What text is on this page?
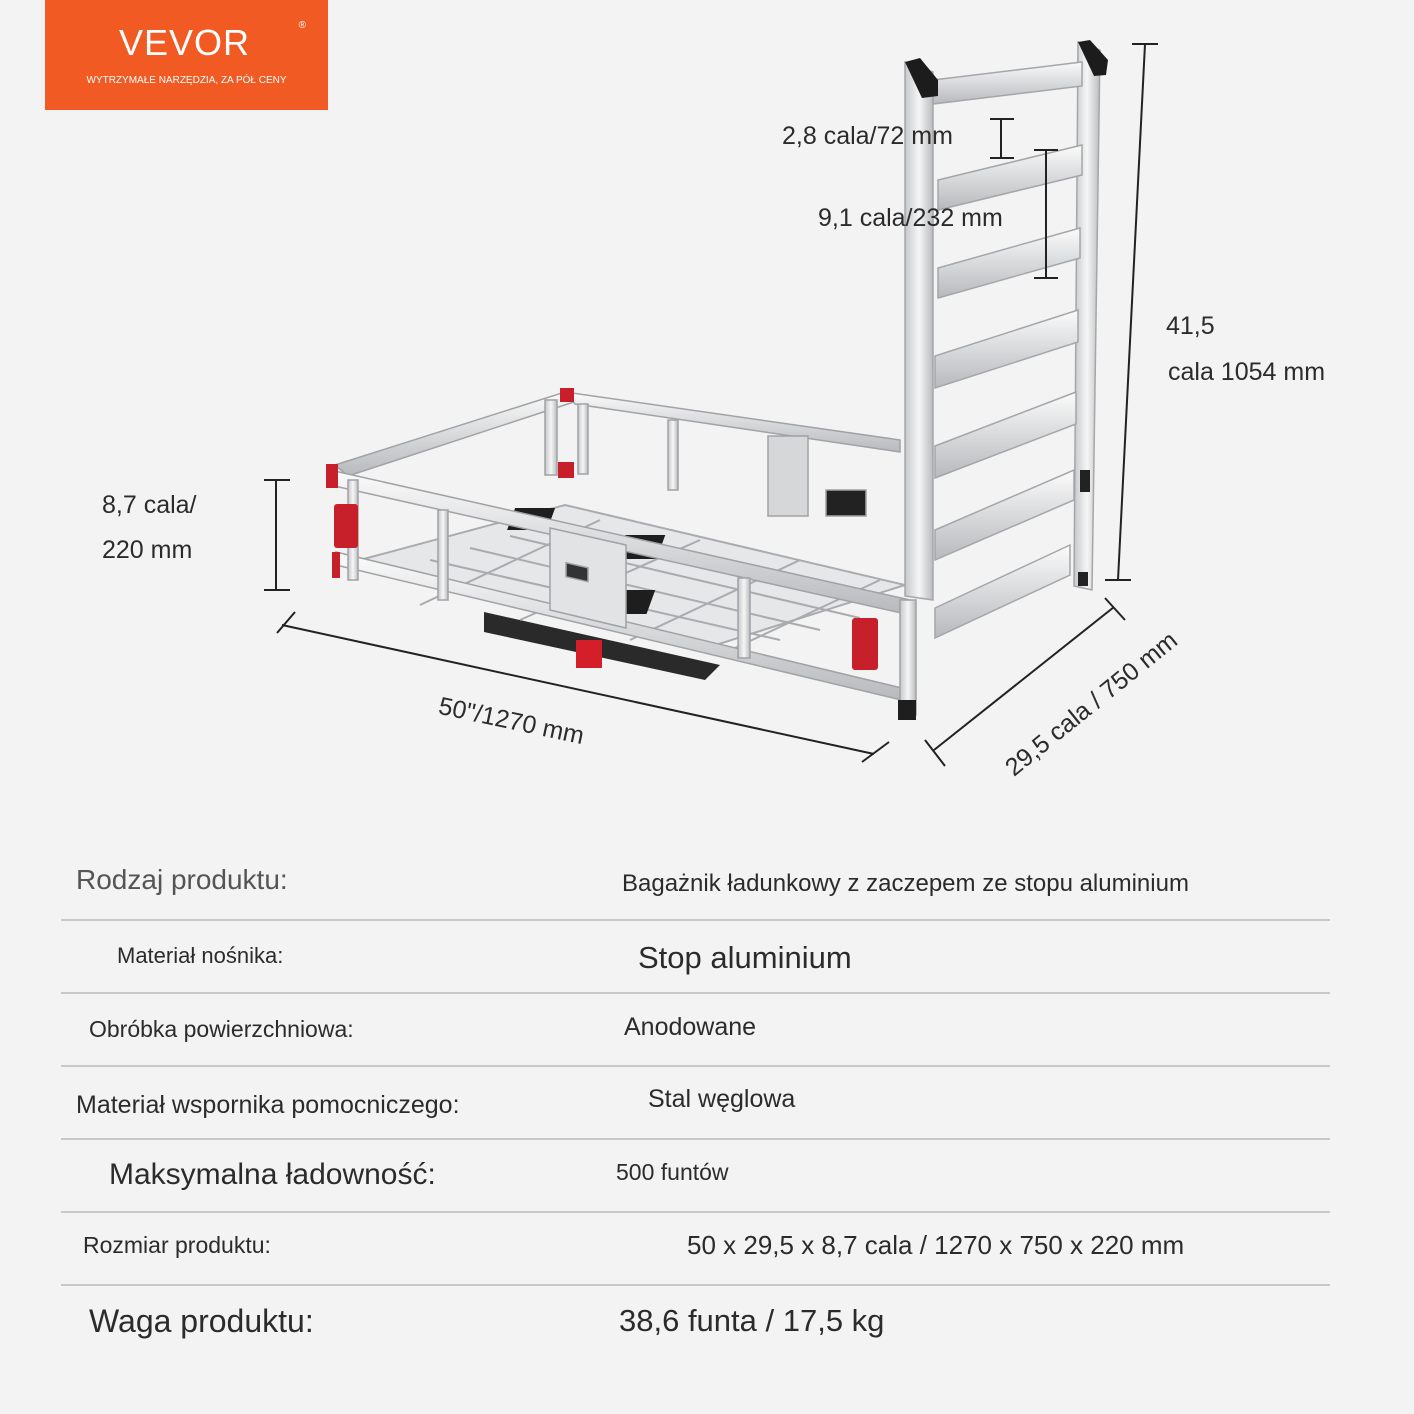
VEVOR	®
WYTRZYMAŁE NARZĘDZIA, ZA PÓŁ CENY
2,8 cala/72 mm
9,1 cala/232 mm
41,5
cala 1054 mm
8,7 cala/
220 mm
50"/1270 mm	29,5 cala / 750 mm
Rodzaj produktu:	Bagażnik ładunkowy z zaczepem ze stopu aluminium
Materiał nośnika:	Stop aluminium
Obróbka powierzchniowa:	Anodowane
Materiał wspornika pomocniczego:	Stal węglowa
Maksymalna ładowność:	500 funtów
Rozmiar produktu:	50 x 29,5 x 8,7 cala / 1270 x 750 x 220 mm
Waga produktu:	38,6 funta / 17,5 kg
